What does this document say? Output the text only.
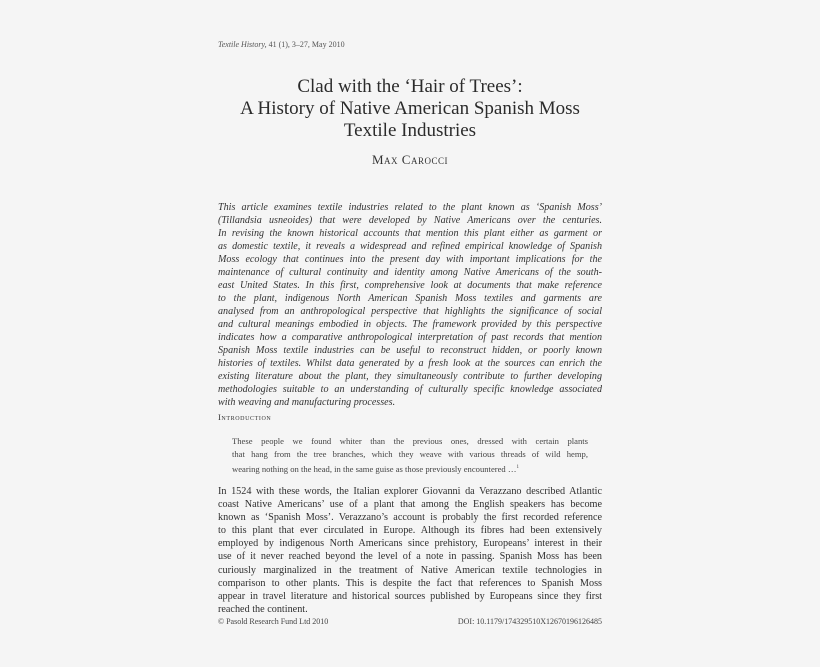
Textile History, 41 (1), 3–27, May 2010
Clad with the ‘Hair of Trees’:
A History of Native American Spanish Moss
Textile Industries
Max Carocci
This article examines textile industries related to the plant known as ‘Spanish Moss’
(Tillandsia usneoides) that were developed by Native Americans over the centuries.
In revising the known historical accounts that mention this plant either as garment or
as domestic textile, it reveals a widespread and refined empirical knowledge of Spanish
Moss ecology that continues into the present day with important implications for the
maintenance of cultural continuity and identity among Native Americans of the south-
east United States. In this first, comprehensive look at documents that make reference
to the plant, indigenous North American Spanish Moss textiles and garments are
analysed from an anthropological perspective that highlights the significance of social
and cultural meanings embodied in objects. The framework provided by this perspective
indicates how a comparative anthropological interpretation of past records that mention
Spanish Moss textile industries can be useful to reconstruct hidden, or poorly known
histories of textiles. Whilst data generated by a fresh look at the sources can enrich the
existing literature about the plant, they simultaneously contribute to further developing
methodologies suitable to an understanding of culturally specific knowledge associated
with weaving and manufacturing processes.
Introduction
These people we found whiter than the previous ones, dressed with certain plants
that hang from the tree branches, which they weave with various threads of wild hemp,
wearing nothing on the head, in the same guise as those previously encountered …$^1$
In 1524 with these words, the Italian explorer Giovanni da Verazzano described Atlantic
coast Native Americans’ use of a plant that among the English speakers has become
known as ‘Spanish Moss’. Verazzano’s account is probably the first recorded reference
to this plant that ever circulated in Europe. Although its fibres had been extensively
employed by indigenous North Americans since prehistory, Europeans’ interest in their
use of it never reached beyond the level of a note in passing. Spanish Moss has been
curiously marginalized in the treatment of Native American textile technologies in
comparison to other plants. This is despite the fact that references to Spanish Moss
appear in travel literature and historical sources published by Europeans since they first
reached the continent.
© Pasold Research Fund Ltd 2010	DOI: 10.1179/174329510X12670196126485
